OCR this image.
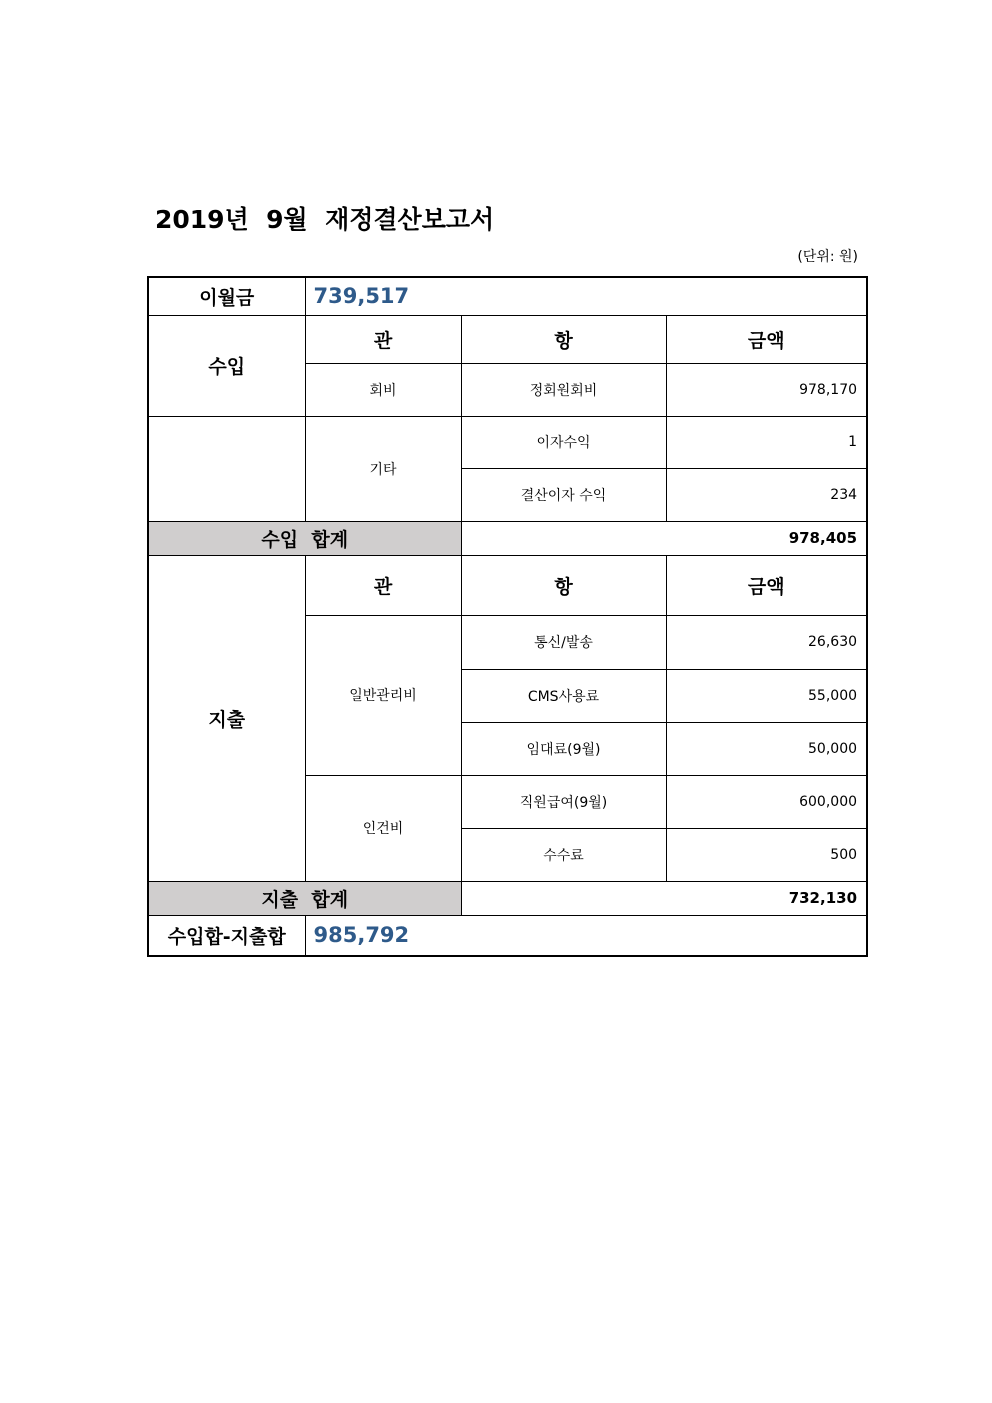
2019년  9월  재정결산보고서
(단위: 원)
이월금	739,517		
수입	관	항	금액
	회비	정회원회비	978,170
	기타	이자수익	1
		결산이자 수익	234
수입  합계		978,405	
지출	관	항	금액
	일반관리비	통신/발송	26,630
		CMS사용료	55,000
		임대료(9월)	50,000
	인건비	직원급여(9월)	600,000
		수수료	500
지출  합계		732,130	
수입합-지출합	985,792		
